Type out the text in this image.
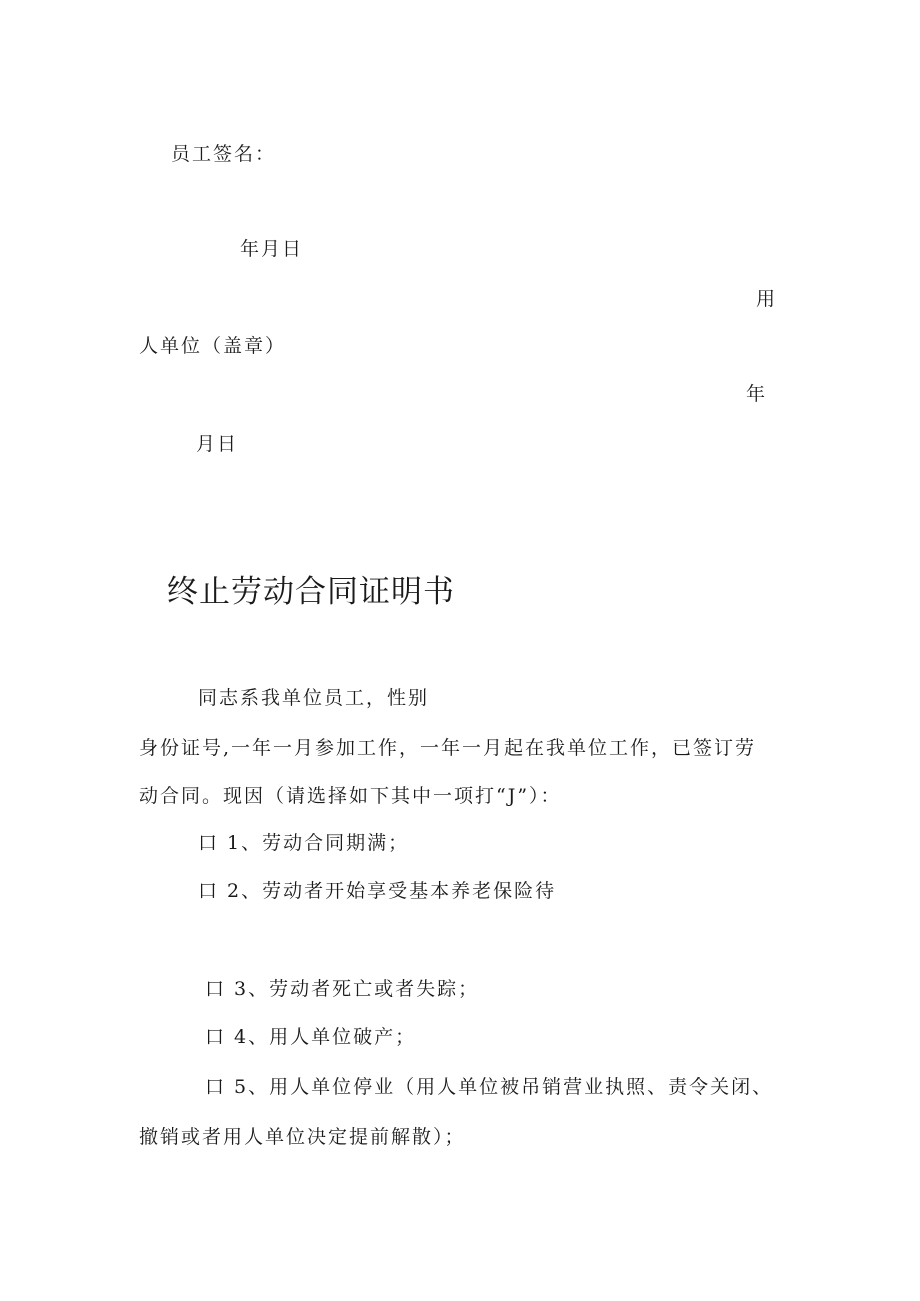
员工签名：
年月日
用
人单位（盖章）
年
月日
终止劳动合同证明书
同志系我单位员工，性别
身份证号,一年一月参加工作，一年一月起在我单位工作，已签订劳
动合同。现因（请选择如下其中一项打“J”）：
口 1、劳动合同期满；
口 2、劳动者开始享受基本养老保险待
口 3、劳动者死亡或者失踪；
口 4、用人单位破产；
口 5、用人单位停业（用人单位被吊销营业执照、责令关闭、
撤销或者用人单位决定提前解散）；
